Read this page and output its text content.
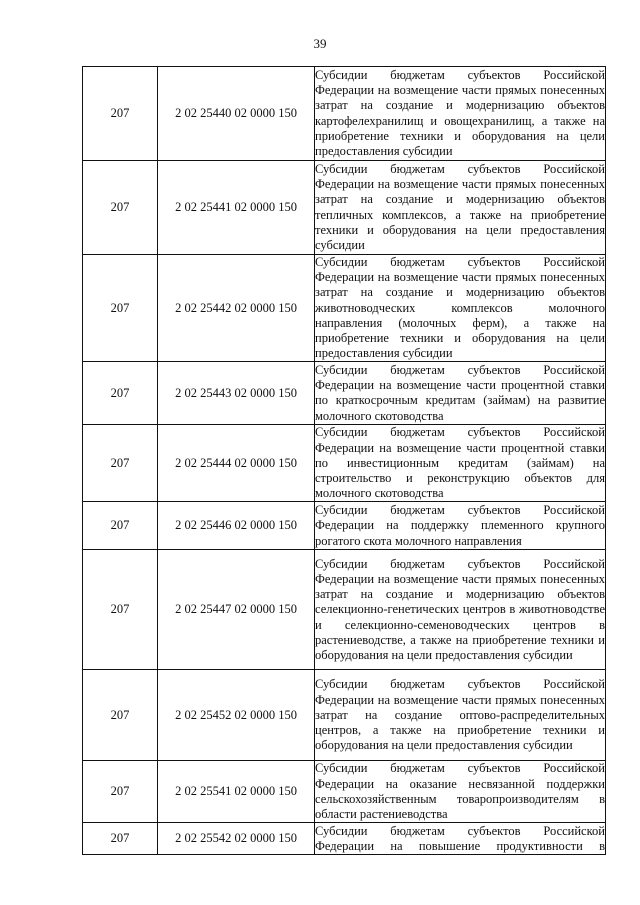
39
207	2 02 25440 02 0000 150	Субсидии бюджетам субъектов Российской Федерации на возмещение части прямых понесенных затрат на создание и модернизацию объектов картофелехранилищ и овощехранилищ, а также на приобретение техники и оборудования на цели предоставления субсидии
207	2 02 25441 02 0000 150	Субсидии бюджетам субъектов Российской Федерации на возмещение части прямых понесенных затрат на создание и модернизацию объектов тепличных комплексов, а также на приобретение техники и оборудования на цели предоставления субсидии
207	2 02 25442 02 0000 150	Субсидии бюджетам субъектов Российской Федерации на возмещение части прямых понесенных затрат на создание и модернизацию объектов животноводческих комплексов молочного направления (молочных ферм), а также на приобретение техники и оборудования на цели предоставления субсидии
207	2 02 25443 02 0000 150	Субсидии бюджетам субъектов Российской Федерации на возмещение части процентной ставки по краткосрочным кредитам (займам) на развитие молочного скотоводства
207	2 02 25444 02 0000 150	Субсидии бюджетам субъектов Российской Федерации на возмещение части процентной ставки по инвестиционным кредитам (займам) на строительство и реконструкцию объектов для молочного скотоводства
207	2 02 25446 02 0000 150	Субсидии бюджетам субъектов Российской Федерации на поддержку племенного крупного рогатого скота молочного направления
207	2 02 25447 02 0000 150	Субсидии бюджетам субъектов Российской Федерации на возмещение части прямых понесенных затрат на создание и модернизацию объектов селекционно-генетических центров в животноводстве и селекционно-семеноводческих центров в растениеводстве, а также на приобретение техники и оборудования на цели предоставления субсидии
207	2 02 25452 02 0000 150	Субсидии бюджетам субъектов Российской Федерации на возмещение части прямых понесенных затрат на создание оптово-распределительных центров, а также на приобретение техники и оборудования на цели предоставления субсидии
207	2 02 25541 02 0000 150	Субсидии бюджетам субъектов Российской Федерации на оказание несвязанной поддержки сельскохозяйственным товаропроизводителям в области растениеводства
207	2 02 25542 02 0000 150	Субсидии бюджетам субъектов Российской Федерации на повышение продуктивности в
